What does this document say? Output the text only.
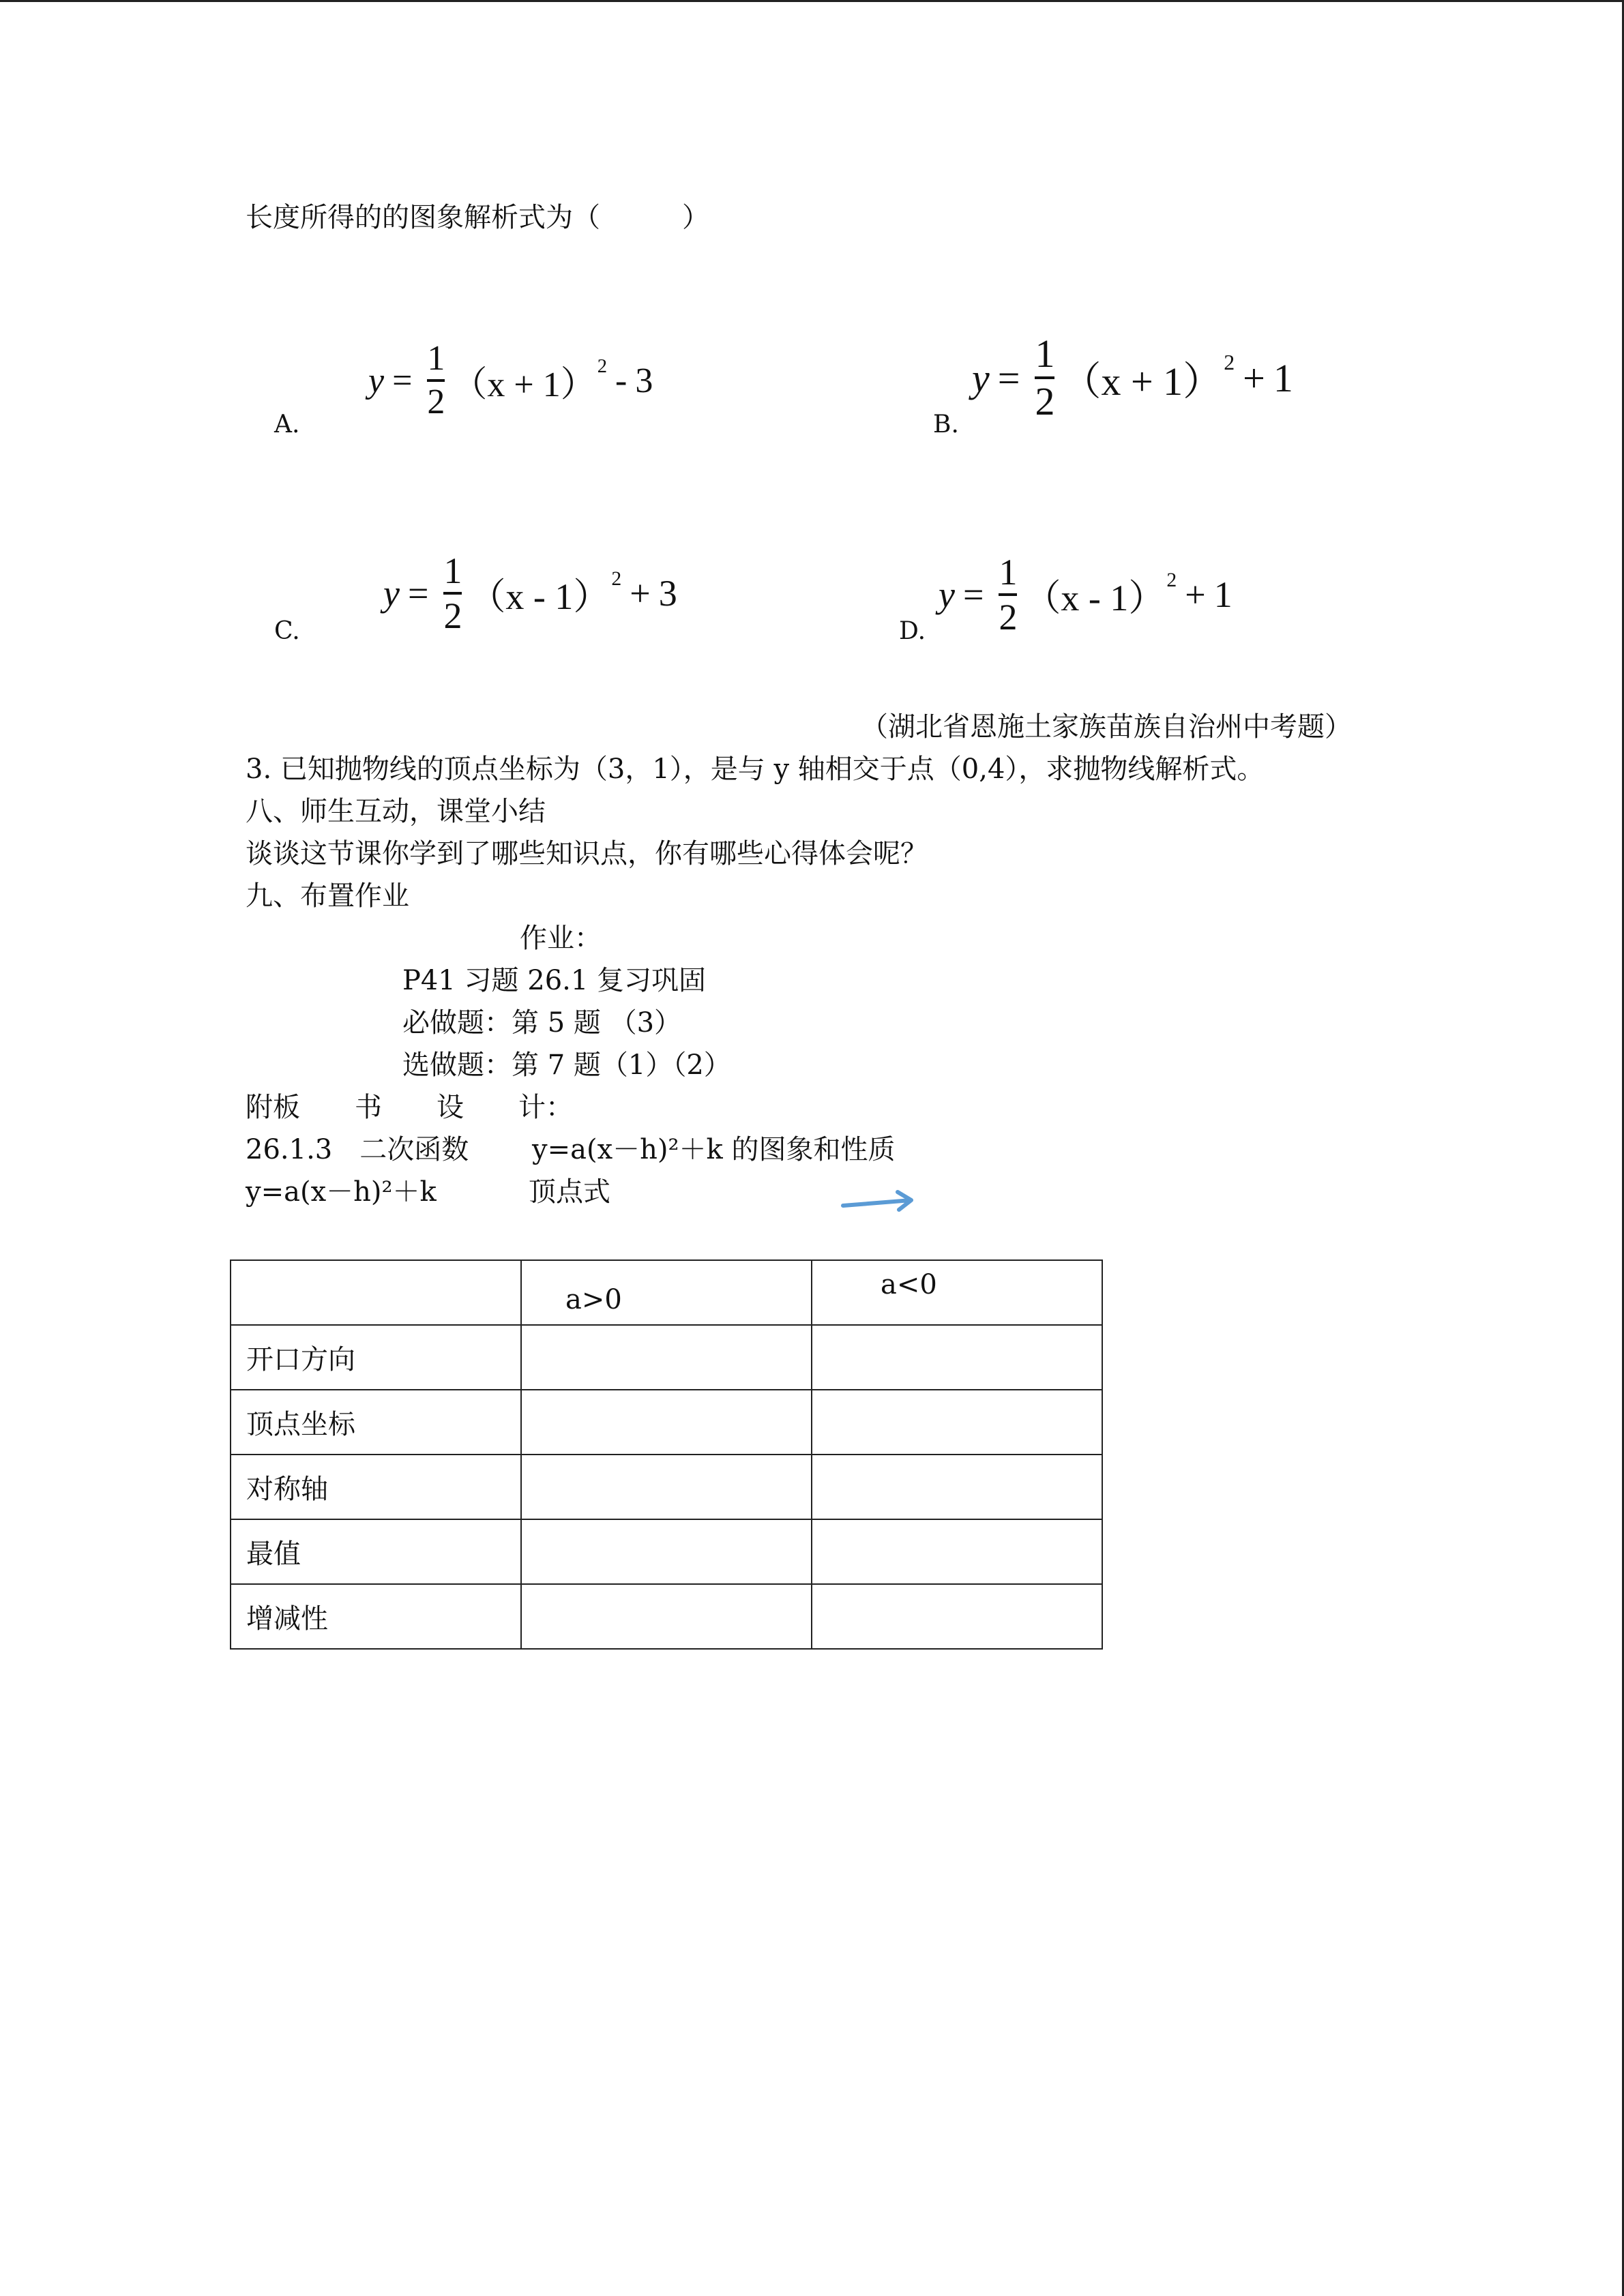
长度所得的的图象解析式为（　　　）
A.
$y = \frac{1}{2} (x + 1)^2 - 3$
B.
$y = \frac{1}{2} (x + 1)^2 + 1$
C.
$y = \frac{1}{2} (x - 1)^2 + 3$
D.
$y = \frac{1}{2} (x - 1)^2 + 1$
（湖北省恩施土家族苗族自治州中考题）
3. 已知抛物线的顶点坐标为（3，1），是与 y 轴相交于点（0,4），求抛物线解析式。
八、师生互动，课堂小结
谈谈这节课你学到了哪些知识点，你有哪些心得体会呢？
九、布置作业
作业：
P41 习题 26.1 复习巩固
必做题：第 5 题 （3）
选做题：第 7 题（1）（2）
附板　　书　　设　　计：
26.1.3　二次函数 y=a(x－h)²＋k 的图象和性质
y=a(x－h)²＋k	顶点式
	a>0	a<0
开口方向		
顶点坐标		
对称轴		
最值		
增减性		
